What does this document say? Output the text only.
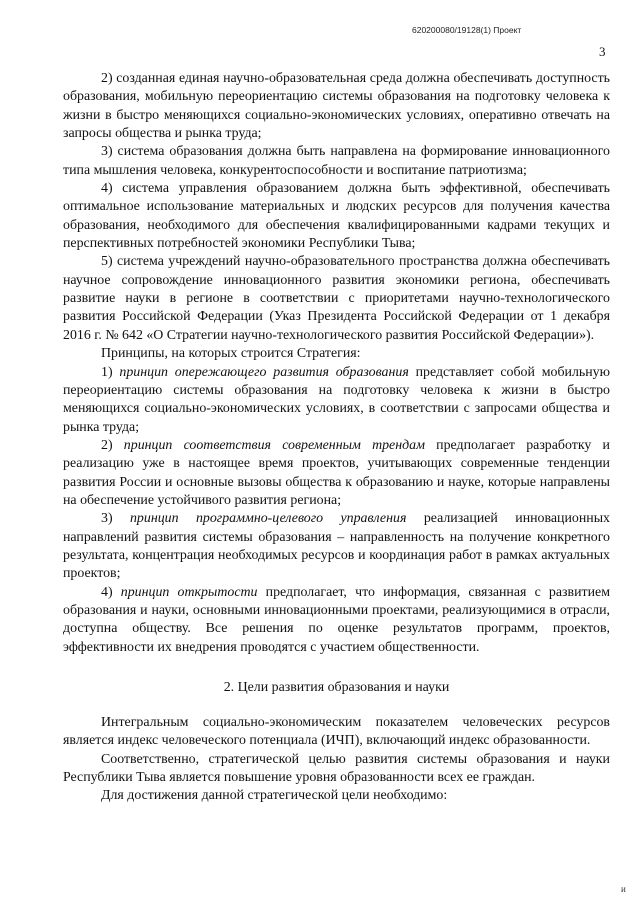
620200080/19128(1) Проект
3

2) созданная единая научно-образовательная среда должна обеспечивать доступность образования, мобильную переориентацию системы образования на подготовку человека к жизни в быстро меняющихся социально-экономических условиях, оперативно отвечать на запросы общества и рынка труда;

3) система образования должна быть направлена на формирование инновационного типа мышления человека, конкурентоспособности и воспитание патриотизма;

4) система управления образованием должна быть эффективной, обеспечивать оптимальное использование материальных и людских ресурсов для получения качества образования, необходимого для обеспечения квалифицированными кадрами текущих и перспективных потребностей экономики Республики Тыва;

5) система учреждений научно-образовательного пространства должна обеспечивать научное сопровождение инновационного развития экономики региона, обеспечивать развитие науки в регионе в соответствии с приоритетами научно-технологического развития Российской Федерации (Указ Президента Российской Федерации от 1 декабря 2016 г. № 642 «О Стратегии научно-технологического развития Российской Федерации»).

Принципы, на которых строится Стратегия:

1) принцип опережающего развития образования представляет собой мобильную переориентацию системы образования на подготовку человека к жизни в быстро меняющихся социально-экономических условиях, в соответствии с запросами общества и рынка труда;

2) принцип соответствия современным трендам предполагает разработку и реализацию уже в настоящее время проектов, учитывающих современные тенденции развития России и основные вызовы общества к образованию и науке, которые направлены на обеспечение устойчивого развития региона;

3) принцип программно-целевого управления реализацией инновационных направлений развития системы образования – направленность на получение конкретного результата, концентрация необходимых ресурсов и координация работ в рамках актуальных проектов;

4) принцип открытости предполагает, что информация, связанная с развитием образования и науки, основными инновационными проектами, реализующимися в отрасли, доступна обществу. Все решения по оценке результатов программ, проектов, эффективности их внедрения проводятся с участием общественности.

2. Цели развития образования и науки

Интегральным социально-экономическим показателем человеческих ресурсов является индекс человеческого потенциала (ИЧП), включающий индекс образованности.

Соответственно, стратегической целью развития системы образования и науки Республики Тыва является повышение уровня образованности всех ее граждан.

Для достижения данной стратегической цели необходимо:

и
